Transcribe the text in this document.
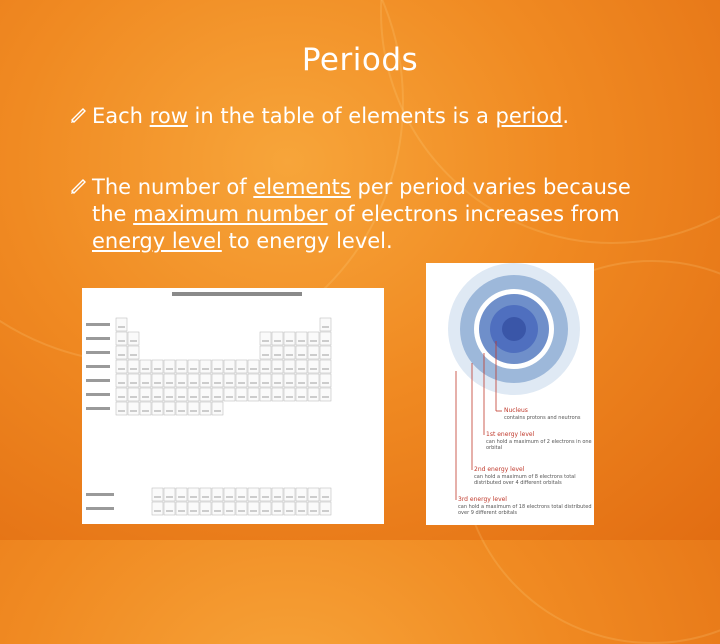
Periods
Each row in the table of elements is a period.
The number of elements per period varies because the maximum number of electrons increases from energy level to energy level.
Nucleus
contains protons and neutrons
1st energy level
can hold a maximum of 2 electrons in one orbital
2nd energy level
can hold a maximum of 8 electrons total distributed over 4 different orbitals
3rd energy level
can hold a maximum of 18 electrons total distributed over 9 different orbitals
